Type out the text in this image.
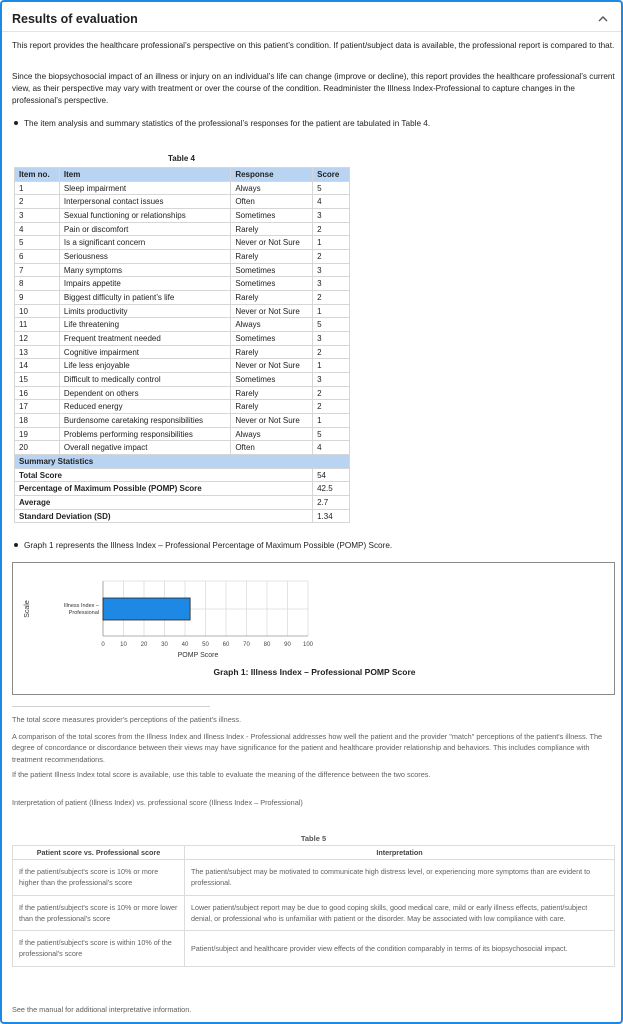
Results of evaluation

This report provides the healthcare professional’s perspective on this patient’s condition. If patient/subject data is available, the professional report is compared to that.

Since the biopsychosocial impact of an illness or injury on an individual’s life can change (improve or decline), this report provides the healthcare professional’s current view, as their perspective may vary with treatment or over the course of the condition. Readminister the Illness Index-Professional to capture changes in the professional’s perspective.

The item analysis and summary statistics of the professional’s responses for the patient are tabulated in Table 4.
Table 4
Item no.	Item	Response	Score
1	Sleep impairment	Always	5
2	Interpersonal contact issues	Often	4
3	Sexual functioning or relationships	Sometimes	3
4	Pain or discomfort	Rarely	2
5	Is a significant concern	Never or Not Sure	1
6	Seriousness	Rarely	2
7	Many symptoms	Sometimes	3
8	Impairs appetite	Sometimes	3
9	Biggest difficulty in patient’s life	Rarely	2
10	Limits productivity	Never or Not Sure	1
11	Life threatening	Always	5
12	Frequent treatment needed	Sometimes	3
13	Cognitive impairment	Rarely	2
14	Life less enjoyable	Never or Not Sure	1
15	Difficult to medically control	Sometimes	3
16	Dependent on others	Rarely	2
17	Reduced energy	Rarely	2
18	Burdensome caretaking responsibilities	Never or Not Sure	1
19	Problems performing responsibilities	Always	5
20	Overall negative impact	Often	4
Summary Statistics			
Total Score			54
Percentage of Maximum Possible (POMP) Score			42.5
Average			2.7
Standard Deviation (SD)			1.34
Graph 1 represents the Illness Index – Professional Percentage of Maximum Possible (POMP) Score.
0	10 20 30 40 50 60 70 80 90 100
Illness Index –
Professional
POMP Score
Scale
Graph 1: Illness Index – Professional POMP Score

The total score measures provider's perceptions of the patient's illness.

A comparison of the total scores from the Illness Index and Illness Index - Professional addresses how well the patient and the provider "match" perceptions of the patient's illness. The degree of concordance or discordance between their views may have significance for the patient and healthcare provider relationship and behaviors. This includes compliance with treatment recommendations.

If the patient Illness Index total score is available, use this table to evaluate the meaning of the difference between the two scores.

Interpretation of patient (Illness Index) vs. professional score (Illness Index – Professional)

Table 5
Patient score vs. Professional score	Interpretation
If the patient/subject's score is 10% or more higher than the professional's score	The patient/subject may be motivated to communicate high distress level, or experiencing more symptoms than are evident to professional.
If the patient/subject's score is 10% or more lower than the professional's score	Lower patient/subject report may be due to good coping skills, good medical care, mild or early illness effects, patient/subject denial, or professional who is unfamiliar with patient or the disorder. May be associated with low compliance with care.
If the patient/subject's score is within 10% of the professional's score	Patient/subject and healthcare provider view effects of the condition comparably in terms of its biopsychosocial impact.

See the manual for additional interpretative information.
